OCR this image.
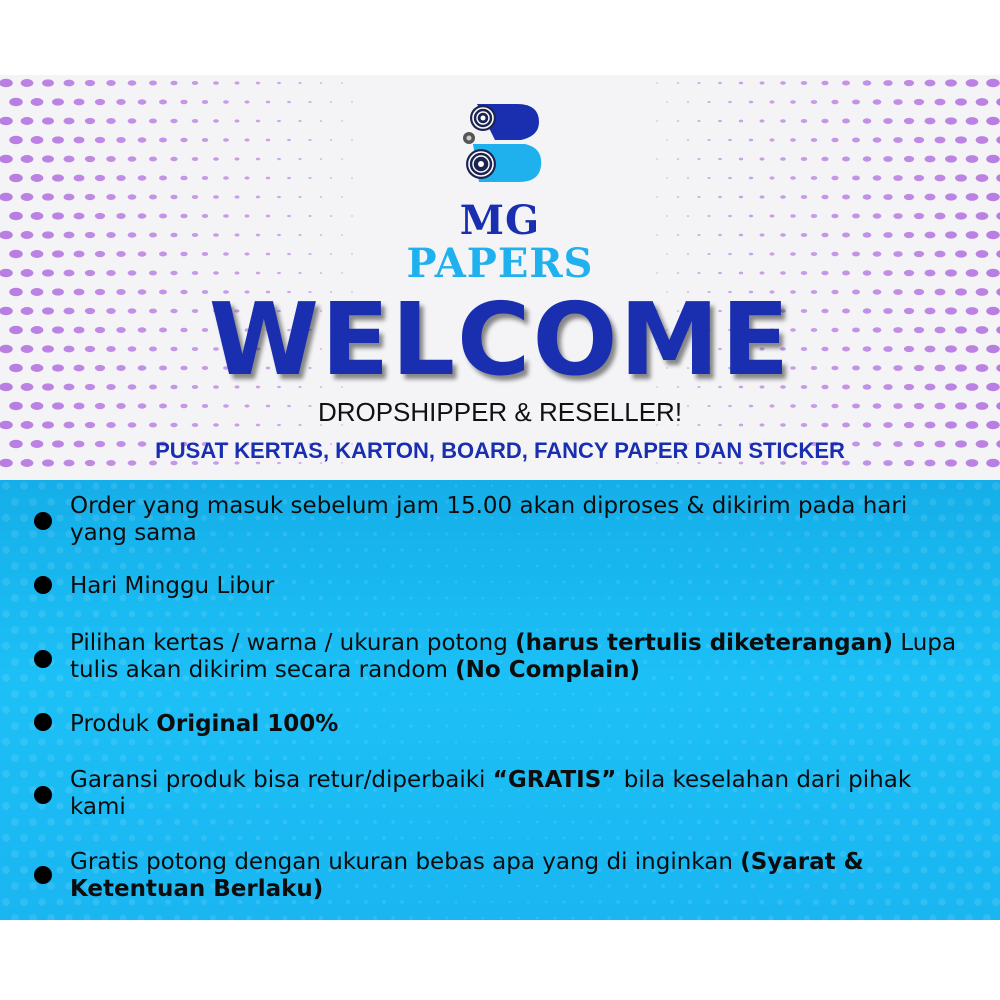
MG
PAPERS
WELCOME
DROPSHIPPER & RESELLER!
PUSAT KERTAS, KARTON, BOARD, FANCY PAPER DAN STICKER
Order yang masuk sebelum jam 15.00 akan diproses & dikirim pada hari yang sama
Hari Minggu Libur
Pilihan kertas / warna / ukuran potong (harus tertulis diketerangan) Lupa tulis akan dikirim secara random (No Complain)
Produk Original 100%
Garansi produk bisa retur/diperbaiki “GRATIS” bila keselahan dari pihak kami
Gratis potong dengan ukuran bebas apa yang di inginkan (Syarat & Ketentuan Berlaku)
